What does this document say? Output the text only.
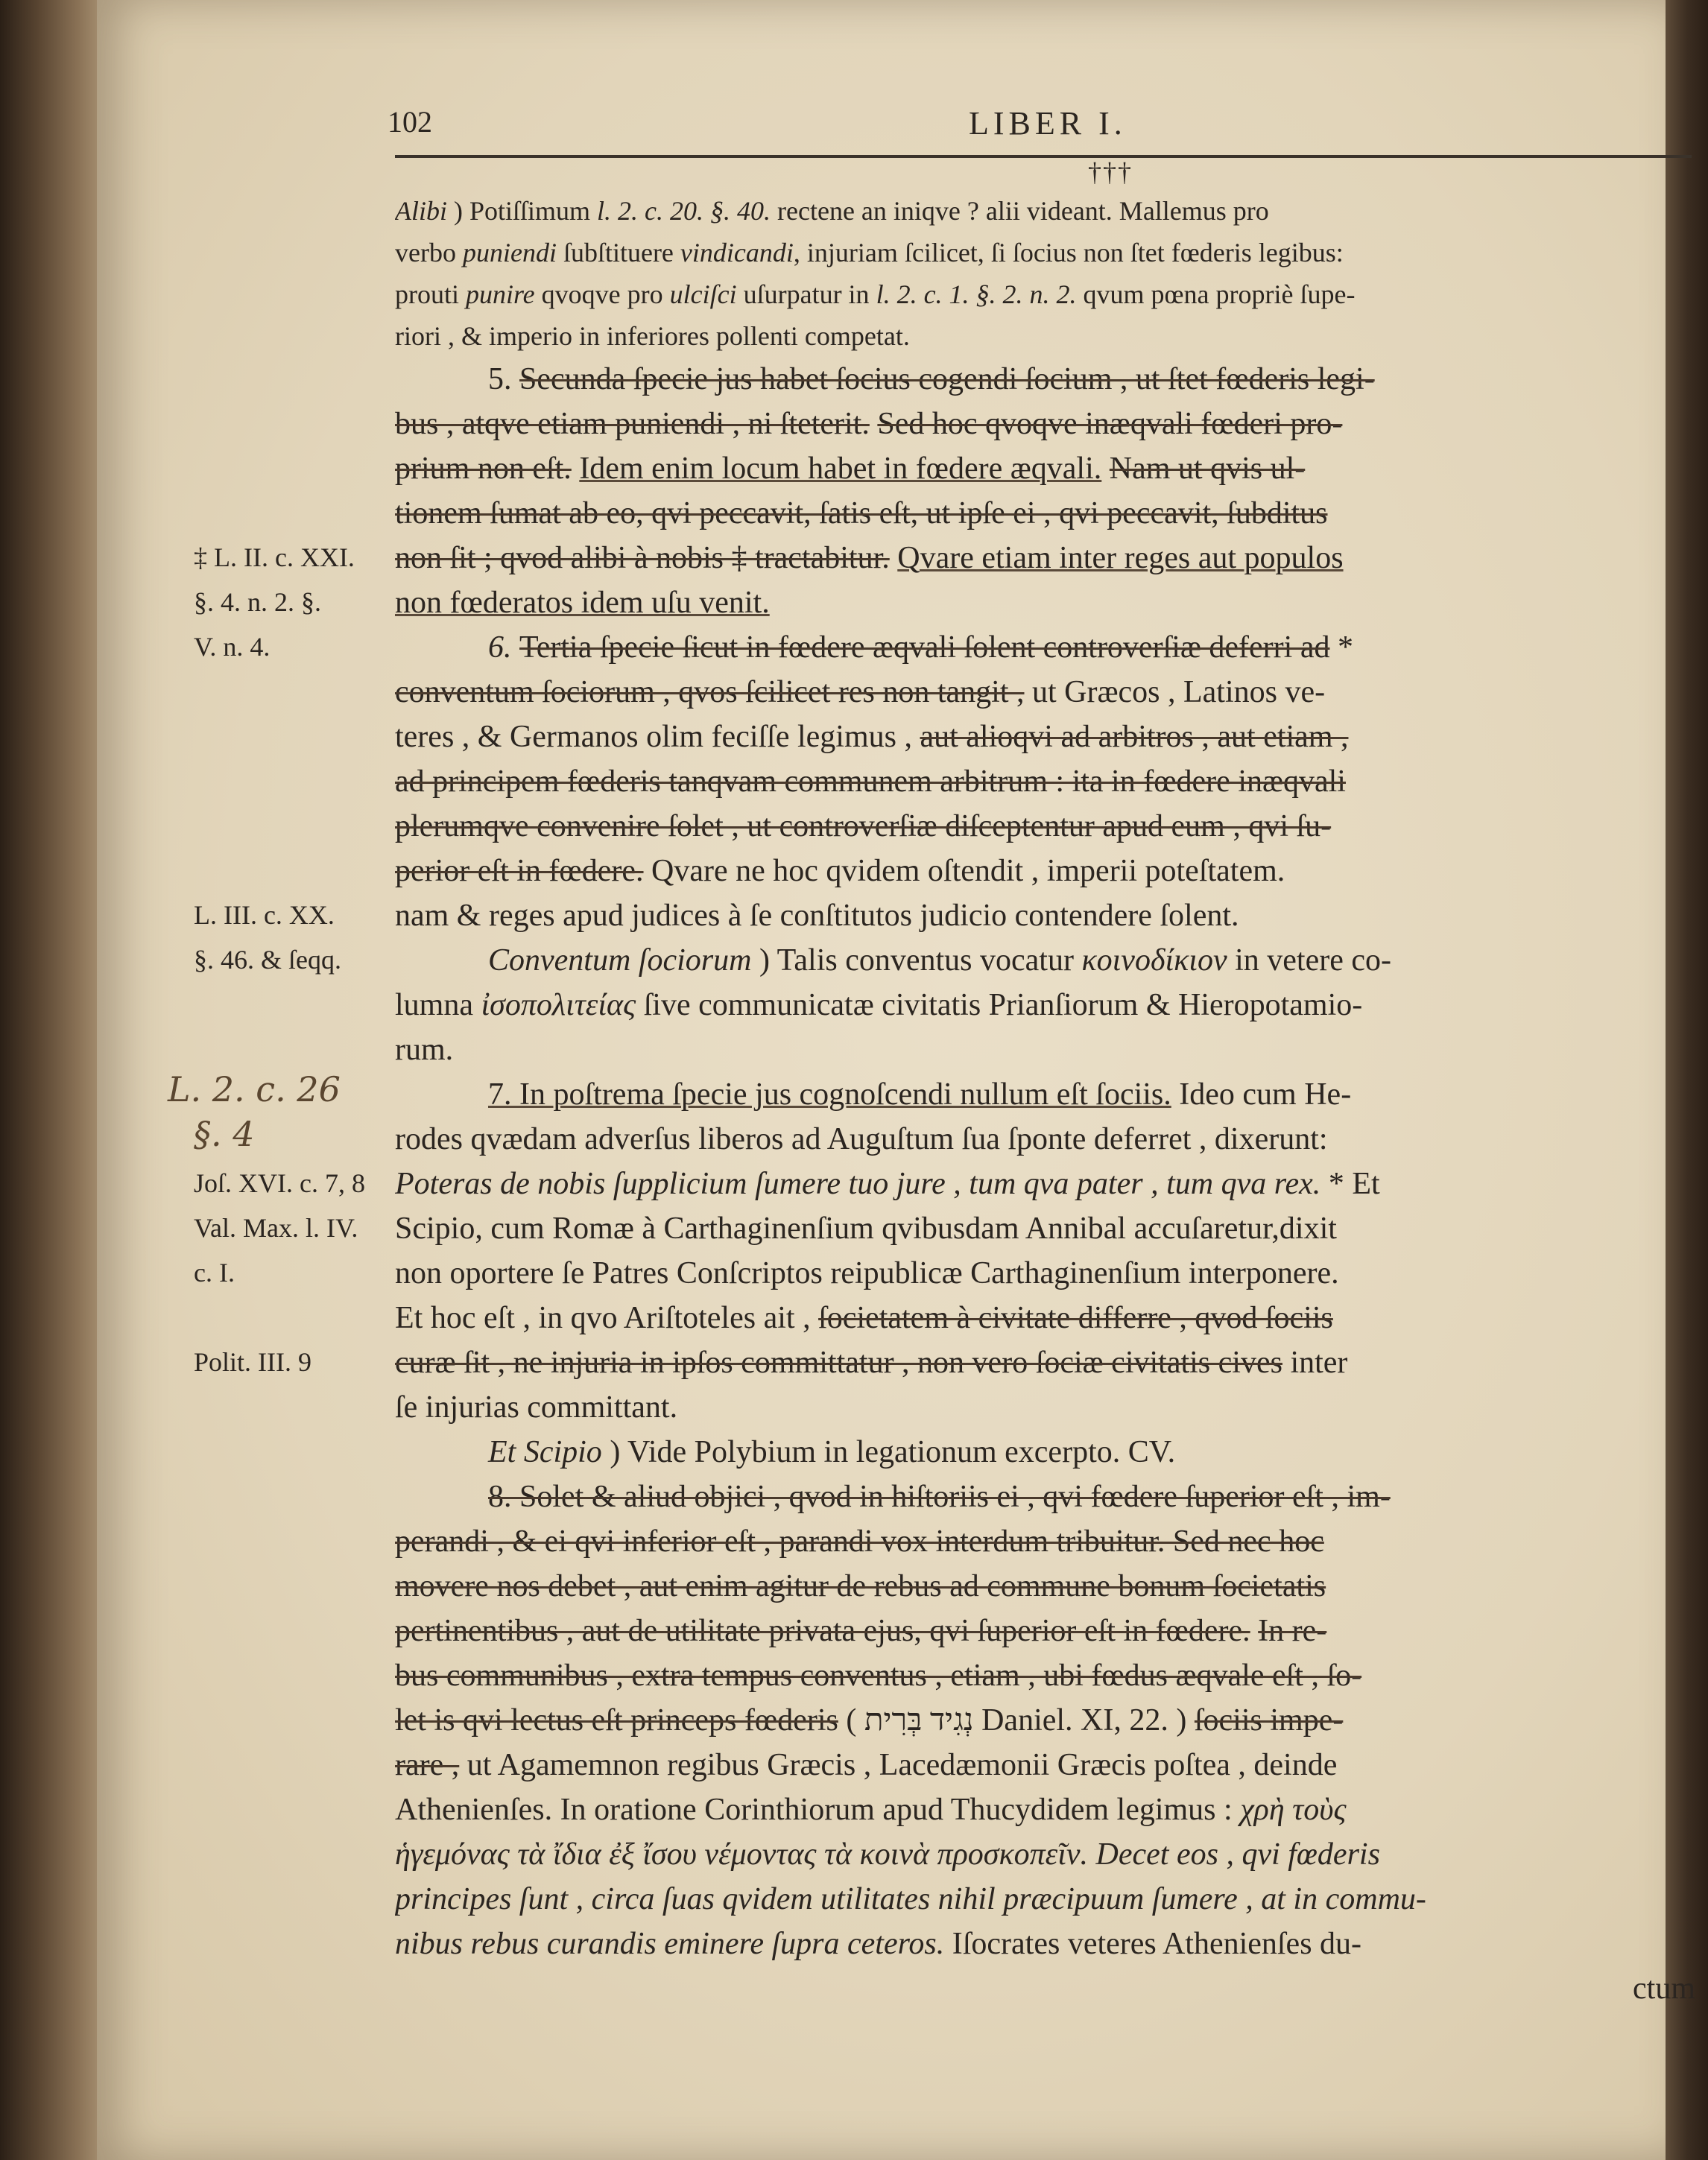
102	LIBER I.
†††
Alibi ) Potiſſimum l. 2. c. 20. §. 40. rectene an iniqve ? alii videant. Mallemus pro
verbo puniendi ſubſtituere vindicandi, injuriam ſcilicet, ſi ſocius non ſtet fœderis legibus:
prouti punire qvoqve pro ulciſci uſurpatur in l. 2. c. 1. §. 2. n. 2. qvum pœna propriè ſupe-
riori , & imperio in inferiores pollenti competat.
5. Secunda ſpecie jus habet ſocius cogendi ſocium , ut ſtet fœderis legi-
bus , atqve etiam puniendi , ni ſteterit. Sed hoc qvoqve inæqvali fœderi pro-
prium non eſt. Idem enim locum habet in fœdere æqvali. Nam ut qvis ul-
tionem ſumat ab eo, qvi peccavit, ſatis eſt, ut ipſe ei , qvi peccavit, ſubditus
non ſit ; qvod alibi à nobis ‡ tractabitur. Qvare etiam inter reges aut populos
non fœderatos idem uſu venit.
6. Tertia ſpecie ſicut in fœdere æqvali ſolent controverſiæ deferri ad *
conventum ſociorum , qvos ſcilicet res non tangit , ut Græcos , Latinos ve-
teres , & Germanos olim feciſſe legimus , aut alioqvi ad arbitros , aut etiam ,
ad principem fœderis tanqvam communem arbitrum : ita in fœdere inæqvali
plerumqve convenire ſolet , ut controverſiæ diſceptentur apud eum , qvi ſu-
perior eſt in fœdere. Qvare ne hoc qvidem oſtendit , imperii poteſtatem.
nam & reges apud judices à ſe conſtitutos judicio contendere ſolent.
Conventum ſociorum ) Talis conventus vocatur κοινοδίκιον in vetere co-
lumna ἰσοπολιτείας ſive communicatæ civitatis Prianſiorum & Hieropotamio-
rum.
7. In poſtrema ſpecie jus cognoſcendi nullum eſt ſociis. Ideo cum He-
rodes qvædam adverſus liberos ad Auguſtum ſua ſponte deferret , dixerunt:
Poteras de nobis ſupplicium ſumere tuo jure , tum qva pater , tum qva rex. * Et
Scipio, cum Romæ à Carthaginenſium qvibusdam Annibal accuſaretur,dixit
non oportere ſe Patres Conſcriptos reipublicæ Carthaginenſium interponere.
Et hoc eſt , in qvo Ariſtoteles ait , ſocietatem à civitate differre , qvod ſociis
curæ ſit , ne injuria in ipſos committatur , non vero ſociæ civitatis cives inter
ſe injurias committant.
Et Scipio ) Vide Polybium in legationum excerpto. CV.
8. Solet & aliud objici , qvod in hiſtoriis ei , qvi fœdere ſuperior eſt , im-
perandi , & ei qvi inferior eſt , parandi vox interdum tribuitur. Sed nec hoc
movere nos debet , aut enim agitur de rebus ad commune bonum ſocietatis
pertinentibus , aut de utilitate privata ejus, qvi ſuperior eſt in fœdere. In re-
bus communibus , extra tempus conventus , etiam , ubi fœdus æqvale eſt , ſo-
let is qvi lectus eſt princeps fœderis ( נְגִיד בְּרִית Daniel. XI, 22. ) ſociis impe-
rare , ut Agamemnon regibus Græcis , Lacedæmonii Græcis poſtea , deinde
Athenienſes. In oratione Corinthiorum apud Thucydidem legimus : χρὴ τοὺς
ἡγεμόνας τὰ ἴδια ἐξ ἴσου νέμοντας τὰ κοινὰ προσκοπεῖν. Decet eos , qvi fœderis
principes ſunt , circa ſuas qvidem utilitates nihil præcipuum ſumere , at in commu-
nibus rebus curandis eminere ſupra ceteros. Iſocrates veteres Athenienſes du-
ctum
‡ L. II. c. XXI.
§. 4. n. 2. §.
V. n. 4.
L. III. c. XX.
§. 46. & ſeqq.
Joſ. XVI. c. 7, 8
Val. Max. l. IV.
c. I.
Polit. III. 9
L. 2. c. 26
§. 4
